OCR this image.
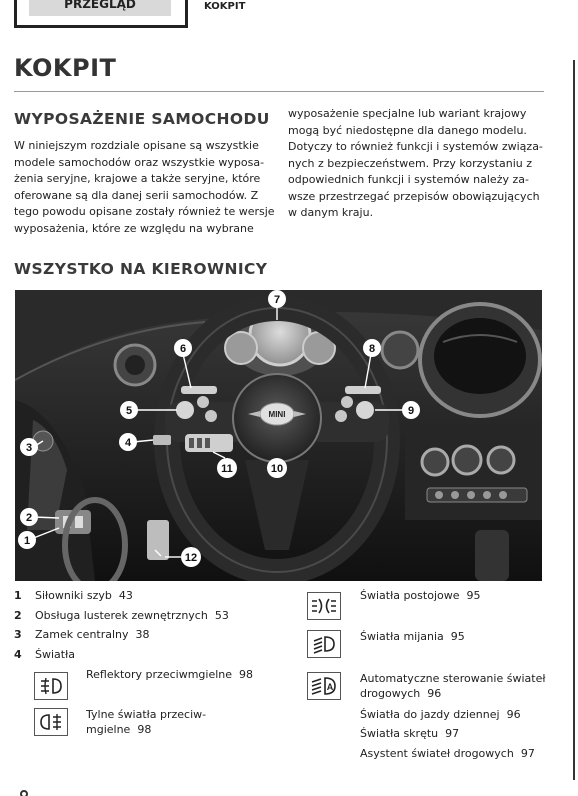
PRZEGLĄD	KOKPIT
KOKPIT
WYPOSAŻENIE SAMOCHODU
W niniejszym rozdziale opisane są wszystkie
modele samochodów oraz wszystkie wyposa-
żenia seryjne, krajowe a także seryjne, które
oferowane są dla danej serii samochodów. Z
tego powodu opisane zostały również te wersje
wyposażenia, które ze względu na wybrane
wyposażenie specjalne lub wariant krajowy
mogą być niedostępne dla danego modelu.
Dotyczy to również funkcji i systemów związa-
nych z bezpieczeństwem. Przy korzystaniu z
odpowiednich funkcji i systemów należy za-
wsze przestrzegać przepisów obowiązujących
w danym kraju.
WSZYSTKO NA KIEROWNICY
MINI
1
2
3	4
5
6
7
8
9
10
11
12
1 Siłowniki szyb 43
2 Obsługa lusterek zewnętrznych 53
3 Zamek centralny 38
4 Światła
Reflektory przeciwmgielne 98
Tylne światła przeciw-
mgielne 98
Światła postojowe 95
Światła mijania 95
A
Automatyczne sterowanie świateł
drogowych 96
Światła do jazdy dziennej 96
Światła skrętu 97
Asystent świateł drogowych 97
